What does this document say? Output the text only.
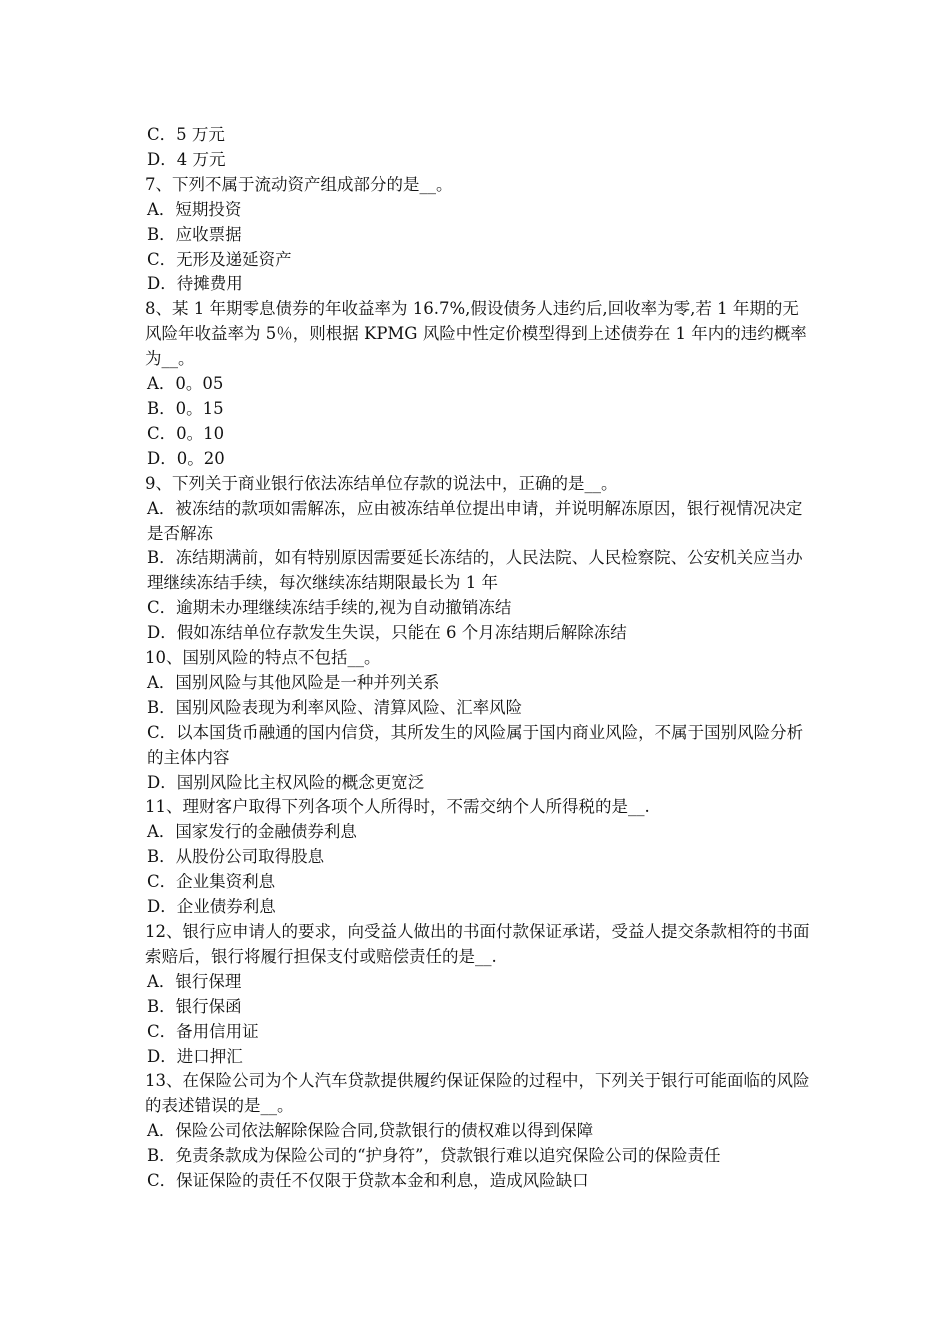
C．5 万元
D．4 万元
7、下列不属于流动资产组成部分的是__。
A．短期投资
B．应收票据
C．无形及递延资产
D．待摊费用
8、某 1 年期零息债券的年收益率为 16.7%,假设债务人违约后,回收率为零,若 1 年期的无风险年收益率为 5％，则根据 KPMG 风险中性定价模型得到上述债券在 1 年内的违约概率为__。
A．0。05
B．0。15
C．0。10
D．0。20
9、下列关于商业银行依法冻结单位存款的说法中，正确的是__。
A．被冻结的款项如需解冻，应由被冻结单位提出申请，并说明解冻原因，银行视情况决定是否解冻
B．冻结期满前，如有特别原因需要延长冻结的，人民法院、人民检察院、公安机关应当办理继续冻结手续，每次继续冻结期限最长为 1 年
C．逾期未办理继续冻结手续的,视为自动撤销冻结
D．假如冻结单位存款发生失误，只能在 6 个月冻结期后解除冻结
10、国别风险的特点不包括__。
A．国别风险与其他风险是一种并列关系
B．国别风险表现为利率风险、清算风险、汇率风险
C．以本国货币融通的国内信贷，其所发生的风险属于国内商业风险，不属于国别风险分析的主体内容
D．国别风险比主权风险的概念更宽泛
11、理财客户取得下列各项个人所得时，不需交纳个人所得税的是__.
A．国家发行的金融债券利息
B．从股份公司取得股息
C．企业集资利息
D．企业债券利息
12、银行应申请人的要求，向受益人做出的书面付款保证承诺，受益人提交条款相符的书面索赔后，银行将履行担保支付或赔偿责任的是__.
A．银行保理
B．银行保函
C．备用信用证
D．进口押汇
13、在保险公司为个人汽车贷款提供履约保证保险的过程中，下列关于银行可能面临的风险的表述错误的是__。
A．保险公司依法解除保险合同,贷款银行的债权难以得到保障
B．免责条款成为保险公司的“护身符”，贷款银行难以追究保险公司的保险责任
C．保证保险的责任不仅限于贷款本金和利息，造成风险缺口
